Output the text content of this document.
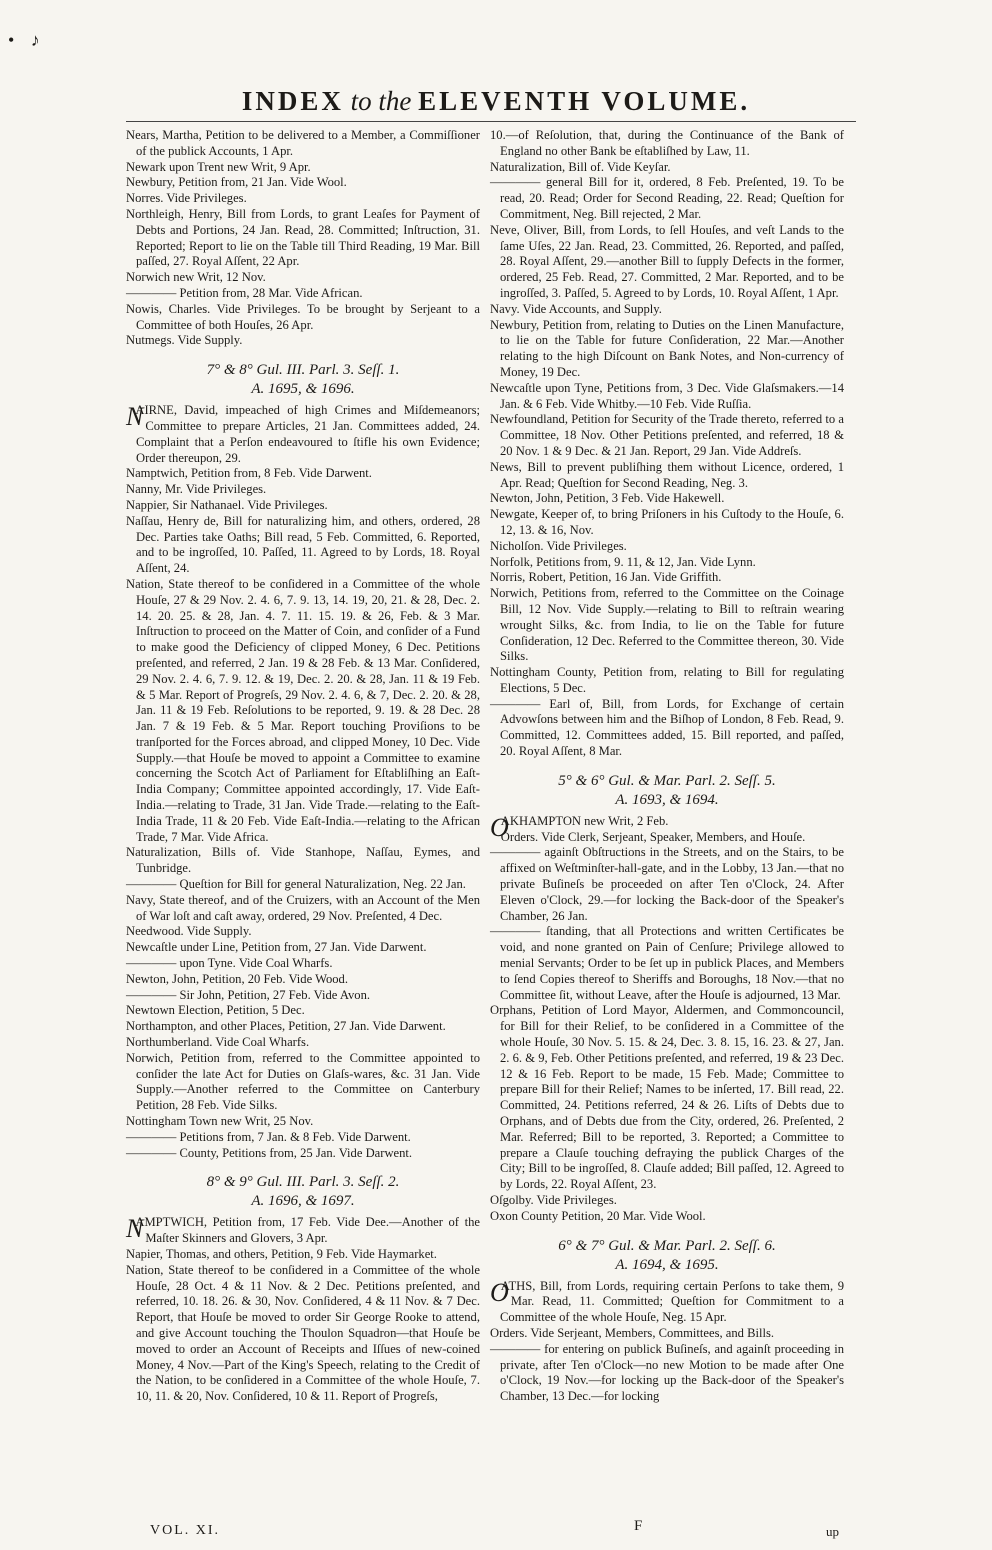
• ♪
INDEX to the ELEVENTH VOLUME.
Nears, Martha, Petition to be delivered to a Member, a Commiſſioner of the publick Accounts, 1 Apr.
Newark upon Trent new Writ, 9 Apr.
Newbury, Petition from, 21 Jan. Vide Wool.
Norres. Vide Privileges.
Northleigh, Henry, Bill from Lords, to grant Leaſes for Payment of Debts and Portions, 24 Jan. Read, 28. Committed; Inſtruction, 31. Reported; Report to lie on the Table till Third Reading, 19 Mar. Bill paſſed, 27. Royal Aſſent, 22 Apr.
Norwich new Writ, 12 Nov.
———— Petition from, 28 Mar. Vide African.
Nowis, Charles. Vide Privileges. To be brought by Serjeant to a Committee of both Houſes, 26 Apr.
Nutmegs. Vide Supply.
7° & 8° Gul. III. Parl. 3. Seſſ. 1.
A. 1695, & 1696.
N
AIRNE, David, impeached of high Crimes and Miſdemeanors; Committee to prepare Articles, 21 Jan. Committees added, 24. Complaint that a Perſon endeavoured to ſtifle his own Evidence; Order thereupon, 29.
Namptwich, Petition from, 8 Feb. Vide Darwent.
Nanny, Mr. Vide Privileges.
Nappier, Sir Nathanael. Vide Privileges.
Naſſau, Henry de, Bill for naturalizing him, and others, ordered, 28 Dec. Parties take Oaths; Bill read, 5 Feb. Committed, 6. Reported, and to be ingroſſed, 10. Paſſed, 11. Agreed to by Lords, 18. Royal Aſſent, 24.
Nation, State thereof to be conſidered in a Committee of the whole Houſe, 27 & 29 Nov. 2. 4. 6, 7. 9. 13, 14. 19, 20, 21. & 28, Dec. 2. 14. 20. 25. & 28, Jan. 4. 7. 11. 15. 19. & 26, Feb. & 3 Mar. Inſtruction to proceed on the Matter of Coin, and conſider of a Fund to make good the Deficiency of clipped Money, 6 Dec. Petitions preſented, and referred, 2 Jan. 19 & 28 Feb. & 13 Mar. Conſidered, 29 Nov. 2. 4. 6, 7. 9. 12. & 19, Dec. 2. 20. & 28, Jan. 11 & 19 Feb. & 5 Mar. Report of Progreſs, 29 Nov. 2. 4. 6, & 7, Dec. 2. 20. & 28, Jan. 11 & 19 Feb. Reſolutions to be reported, 9. 19. & 28 Dec. 28 Jan. 7 & 19 Feb. & 5 Mar. Report touching Proviſions to be tranſported for the Forces abroad, and clipped Money, 10 Dec. Vide Supply.—that Houſe be moved to appoint a Committee to examine concerning the Scotch Act of Parliament for Eſtabliſhing an Eaſt-India Company; Committee appointed accordingly, 17. Vide Eaſt-India.—relating to Trade, 31 Jan. Vide Trade.—relating to the Eaſt-India Trade, 11 & 20 Feb. Vide Eaſt-India.—relating to the African Trade, 7 Mar. Vide Africa.
Naturalization, Bills of. Vide Stanhope, Naſſau, Eymes, and Tunbridge.
———— Queſtion for Bill for general Naturalization, Neg. 22 Jan.
Navy, State thereof, and of the Cruizers, with an Account of the Men of War loſt and caſt away, ordered, 29 Nov. Preſented, 4 Dec.
Needwood. Vide Supply.
Newcaſtle under Line, Petition from, 27 Jan. Vide Darwent.
———— upon Tyne. Vide Coal Wharfs.
Newton, John, Petition, 20 Feb. Vide Wood.
———— Sir John, Petition, 27 Feb. Vide Avon.
Newtown Election, Petition, 5 Dec.
Northampton, and other Places, Petition, 27 Jan. Vide Darwent.
Northumberland. Vide Coal Wharfs.
Norwich, Petition from, referred to the Committee appointed to conſider the late Act for Duties on Glaſs-wares, &c. 31 Jan. Vide Supply.—Another referred to the Committee on Canterbury Petition, 28 Feb. Vide Silks.
Nottingham Town new Writ, 25 Nov.
———— Petitions from, 7 Jan. & 8 Feb. Vide Darwent.
———— County, Petitions from, 25 Jan. Vide Darwent.
8° & 9° Gul. III. Parl. 3. Seſſ. 2.
A. 1696, & 1697.
N
AMPTWICH, Petition from, 17 Feb. Vide Dee.—Another of the Maſter Skinners and Glovers, 3 Apr.
Napier, Thomas, and others, Petition, 9 Feb. Vide Haymarket.
Nation, State thereof to be conſidered in a Committee of the whole Houſe, 28 Oct. 4 & 11 Nov. & 2 Dec. Petitions preſented, and referred, 10. 18. 26. & 30, Nov. Conſidered, 4 & 11 Nov. & 7 Dec. Report, that Houſe be moved to order Sir George Rooke to attend, and give Account touching the Thoulon Squadron—that Houſe be moved to order an Account of Receipts and Iſſues of new-coined Money, 4 Nov.—Part of the King's Speech, relating to the Credit of the Nation, to be conſidered in a Committee of the whole Houſe, 7. 10, 11. & 20, Nov. Conſidered, 10 & 11. Report of Progreſs,
10.—of Reſolution, that, during the Continuance of the Bank of England no other Bank be eſtabliſhed by Law, 11.
Naturalization, Bill of. Vide Keyſar.
———— general Bill for it, ordered, 8 Feb. Preſented, 19. To be read, 20. Read; Order for Second Reading, 22. Read; Queſtion for Commitment, Neg. Bill rejected, 2 Mar.
Neve, Oliver, Bill, from Lords, to ſell Houſes, and veſt Lands to the ſame Uſes, 22 Jan. Read, 23. Committed, 26. Reported, and paſſed, 28. Royal Aſſent, 29.—another Bill to ſupply Defects in the former, ordered, 25 Feb. Read, 27. Committed, 2 Mar. Reported, and to be ingroſſed, 3. Paſſed, 5. Agreed to by Lords, 10. Royal Aſſent, 1 Apr.
Navy. Vide Accounts, and Supply.
Newbury, Petition from, relating to Duties on the Linen Manufacture, to lie on the Table for future Conſideration, 22 Mar.—Another relating to the high Diſcount on Bank Notes, and Non-currency of Money, 19 Dec.
Newcaſtle upon Tyne, Petitions from, 3 Dec. Vide Glaſsmakers.—14 Jan. & 6 Feb. Vide Whitby.—10 Feb. Vide Ruſſia.
Newfoundland, Petition for Security of the Trade thereto, referred to a Committee, 18 Nov. Other Petitions preſented, and referred, 18 & 20 Nov. 1 & 9 Dec. & 21 Jan. Report, 29 Jan. Vide Addreſs.
News, Bill to prevent publiſhing them without Licence, ordered, 1 Apr. Read; Queſtion for Second Reading, Neg. 3.
Newton, John, Petition, 3 Feb. Vide Hakewell.
Newgate, Keeper of, to bring Priſoners in his Cuſtody to the Houſe, 6. 12, 13. & 16, Nov.
Nicholſon. Vide Privileges.
Norfolk, Petitions from, 9. 11, & 12, Jan. Vide Lynn.
Norris, Robert, Petition, 16 Jan. Vide Griffith.
Norwich, Petitions from, referred to the Committee on the Coinage Bill, 12 Nov. Vide Supply.—relating to Bill to reſtrain wearing wrought Silks, &c. from India, to lie on the Table for future Conſideration, 12 Dec. Referred to the Committee thereon, 30. Vide Silks.
Nottingham County, Petition from, relating to Bill for regulating Elections, 5 Dec.
———— Earl of, Bill, from Lords, for Exchange of certain Advowſons between him and the Biſhop of London, 8 Feb. Read, 9. Committed, 12. Committees added, 15. Bill reported, and paſſed, 20. Royal Aſſent, 8 Mar.
5° & 6° Gul. & Mar. Parl. 2. Seſſ. 5.
A. 1693, & 1694.
O
AKHAMPTON new Writ, 2 Feb.
Orders. Vide Clerk, Serjeant, Speaker, Members, and Houſe.
———— againſt Obſtructions in the Streets, and on the Stairs, to be affixed on Weſtminſter-hall-gate, and in the Lobby, 13 Jan.—that no private Buſineſs be proceeded on after Ten o'Clock, 24. After Eleven o'Clock, 29.—for locking the Back-door of the Speaker's Chamber, 26 Jan.
———— ſtanding, that all Protections and written Certificates be void, and none granted on Pain of Cenſure; Privilege allowed to menial Servants; Order to be ſet up in publick Places, and Members to ſend Copies thereof to Sheriffs and Boroughs, 18 Nov.—that no Committee ſit, without Leave, after the Houſe is adjourned, 13 Mar.
Orphans, Petition of Lord Mayor, Aldermen, and Commoncouncil, for Bill for their Relief, to be conſidered in a Committee of the whole Houſe, 30 Nov. 5. 15. & 24, Dec. 3. 8. 15, 16. 23. & 27, Jan. 2. 6. & 9, Feb. Other Petitions preſented, and referred, 19 & 23 Dec. 12 & 16 Feb. Report to be made, 15 Feb. Made; Committee to prepare Bill for their Relief; Names to be inſerted, 17. Bill read, 22. Committed, 24. Petitions referred, 24 & 26. Liſts of Debts due to Orphans, and of Debts due from the City, ordered, 26. Preſented, 2 Mar. Referred; Bill to be reported, 3. Reported; a Committee to prepare a Clauſe touching defraying the publick Charges of the City; Bill to be ingroſſed, 8. Clauſe added; Bill paſſed, 12. Agreed to by Lords, 22. Royal Aſſent, 23.
Oſgolby. Vide Privileges.
Oxon County Petition, 20 Mar. Vide Wool.
6° & 7° Gul. & Mar. Parl. 2. Seſſ. 6.
A. 1694, & 1695.
O
ATHS, Bill, from Lords, requiring certain Perſons to take them, 9 Mar. Read, 11. Committed; Queſtion for Commitment to a Committee of the whole Houſe, Neg. 15 Apr.
Orders. Vide Serjeant, Members, Committees, and Bills.
———— for entering on publick Buſineſs, and againſt proceeding in private, after Ten o'Clock—no new Motion to be made after One o'Clock, 19 Nov.—for locking up the Back-door of the Speaker's Chamber, 13 Dec.—for locking
VOL. XI.	F	up
